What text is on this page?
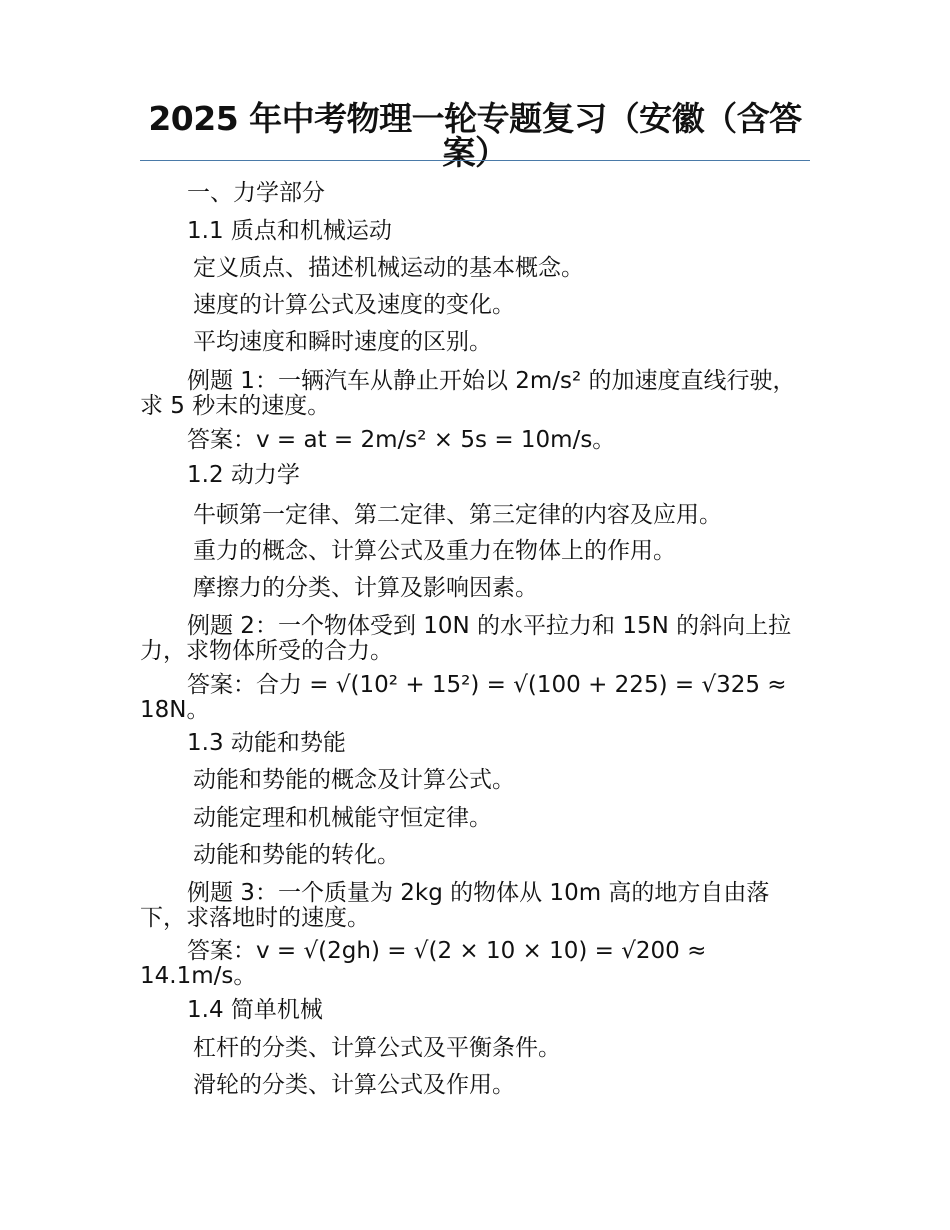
2025 年中考物理一轮专题复习（安徽（含答案）
一、力学部分
1.1 质点和机械运动
定义质点、描述机械运动的基本概念。
速度的计算公式及速度的变化。
平均速度和瞬时速度的区别。
例题 1：一辆汽车从静止开始以 2m/s² 的加速度直线行驶，求 5 秒末的速度。
答案：v = at = 2m/s² × 5s = 10m/s。
1.2 动力学
牛顿第一定律、第二定律、第三定律的内容及应用。
重力的概念、计算公式及重力在物体上的作用。
摩擦力的分类、计算及影响因素。
例题 2：一个物体受到 10N 的水平拉力和 15N 的斜向上拉力，求物体所受的合力。
答案：合力 = √(10² + 15²) = √(100 + 225) = √325 ≈ 18N。
1.3 动能和势能
动能和势能的概念及计算公式。
动能定理和机械能守恒定律。
动能和势能的转化。
例题 3：一个质量为 2kg 的物体从 10m 高的地方自由落下，求落地时的速度。
答案：v = √(2gh) = √(2 × 10 × 10) = √200 ≈ 14.1m/s。
1.4 简单机械
杠杆的分类、计算公式及平衡条件。
滑轮的分类、计算公式及作用。
